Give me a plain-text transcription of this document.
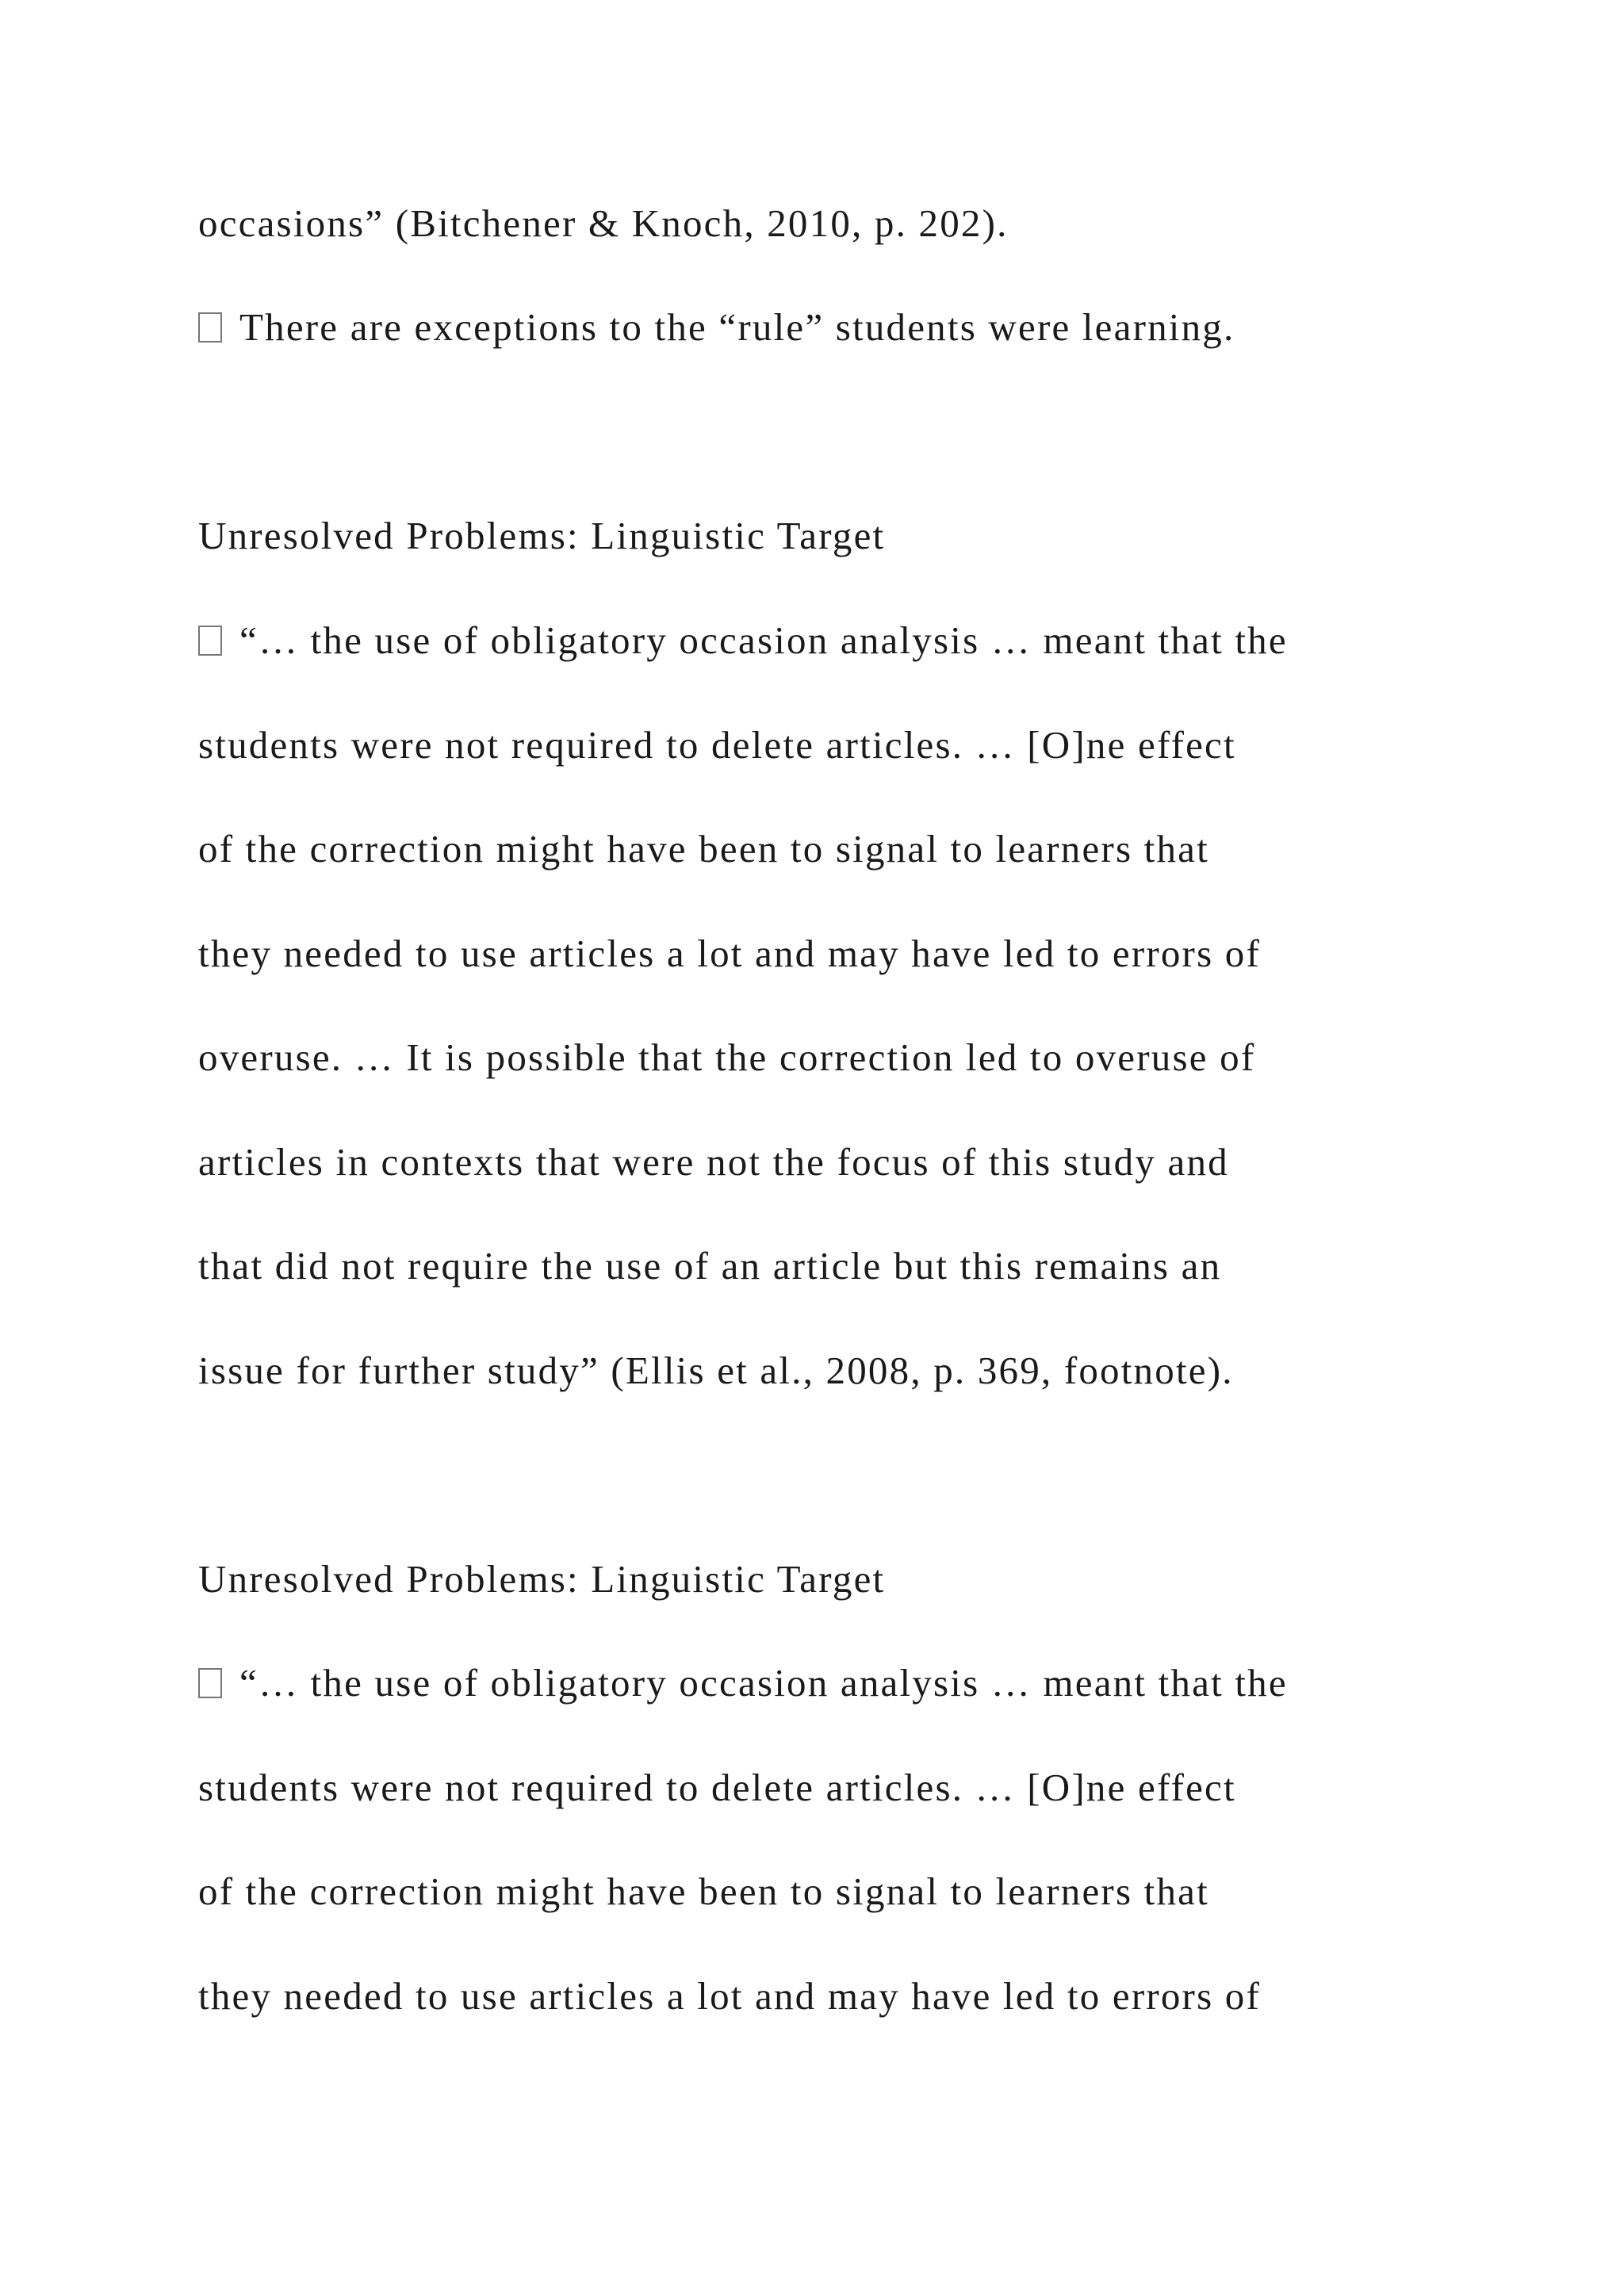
occasions” (Bitchener & Knoch, 2010, p. 202).
There are exceptions to the “rule” students were learning.
Unresolved Problems: Linguistic Target
“… the use of obligatory occasion analysis … meant that the
students were not required to delete articles. … [O]ne effect
of the correction might have been to signal to learners that
they needed to use articles a lot and may have led to errors of
overuse. … It is possible that the correction led to overuse of
articles in contexts that were not the focus of this study and
that did not require the use of an article but this remains an
issue for further study” (Ellis et al., 2008, p. 369, footnote).
Unresolved Problems: Linguistic Target
“… the use of obligatory occasion analysis … meant that the
students were not required to delete articles. … [O]ne effect
of the correction might have been to signal to learners that
they needed to use articles a lot and may have led to errors of
